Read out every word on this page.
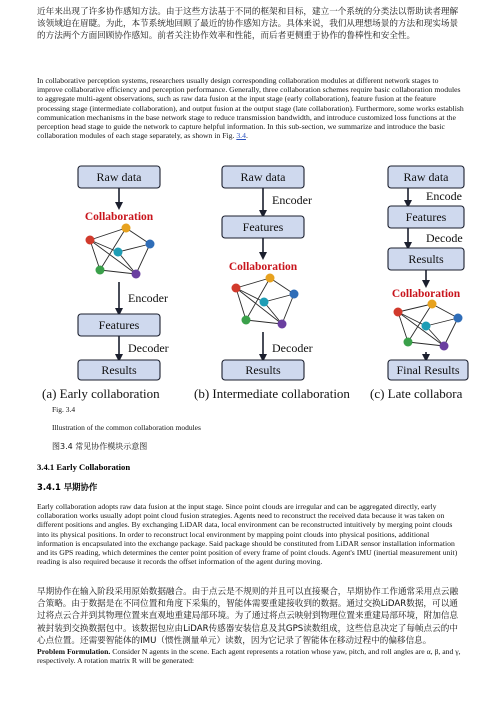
近年来出现了许多协作感知方法。由于这些方法基于不同的框架和目标，建立一个系统的分类法以帮助读者理解该领域迫在眉睫。为此，本节系统地回顾了最近的协作感知方法。具体来说，我们从理想场景的方法和现实场景的方法两个方面回顾协作感知。前者关注协作效率和性能，而后者更侧重于协作的鲁棒性和安全性。

In collaborative perception systems, researchers usually design corresponding collaboration modules at different network stages to improve collaborative efficiency and perception performance. Generally, three collaboration schemes require basic collaboration modules to aggregate multi-agent observations, such as raw data fusion at the input stage (early collaboration), feature fusion at the feature processing stage (intermediate collaboration), and output fusion at the output stage (late collaboration). Furthermore, some works establish communication mechanisms in the base network stage to reduce transmission bandwidth, and introduce customized loss functions at the perception head stage to guide the network to capture helpful information. In this sub-section, we summarize and introduce the basic collaboration modules of each stage separately, as shown in Fig. 3.4.

Raw data
Collaboration
Encoder
Features
Decoder
Results
(a) Early collaboration
Raw data
Encoder
Features
Collaboration
Decoder
Results
(b) Intermediate collaboration
Raw data
Encode
Features
Decode
Results
Collaboration
Final Results
(c) Late collabora
Fig. 3.4
Illustration of the common collaboration modules
图3.4 常见协作模块示意图
3.4.1 Early Collaboration
3.4.1 早期协作

Early collaboration adopts raw data fusion at the input stage. Since point clouds are irregular and can be aggregated directly, early collaboration works usually adopt point cloud fusion strategies. Agents need to reconstruct the received data because it was taken on different positions and angles. By exchanging LiDAR data, local environment can be reconstructed intuitively by merging point clouds into its physical positions. In order to reconstruct local environment by mapping point clouds into physical positions, additional information is encapsulated into the exchange package. Said package should be constituted from LiDAR sensor installation information and its GPS reading, which determines the center point position of every frame of point clouds. Agent's IMU (inertial measurement unit) reading is also required because it records the offset information of the agent during moving.

早期协作在输入阶段采用原始数据融合。由于点云是不规则的并且可以直接聚合，早期协作工作通常采用点云融合策略。由于数据是在不同位置和角度下采集的，智能体需要重建接收到的数据。通过交换LiDAR数据，可以通过将点云合并到其物理位置来直观地重建局部环境。为了通过将点云映射到物理位置来重建局部环境，附加信息被封装到交换数据包中。该数据包应由LiDAR传感器安装信息及其GPS读数组成，这些信息决定了每帧点云的中心点位置。还需要智能体的IMU（惯性测量单元）读数，因为它记录了智能体在移动过程中的偏移信息。

Problem Formulation. Consider N agents in the scene. Each agent represents a rotation whose yaw, pitch, and roll angles are α, β, and γ, respectively. A rotation matrix R will be generated:
